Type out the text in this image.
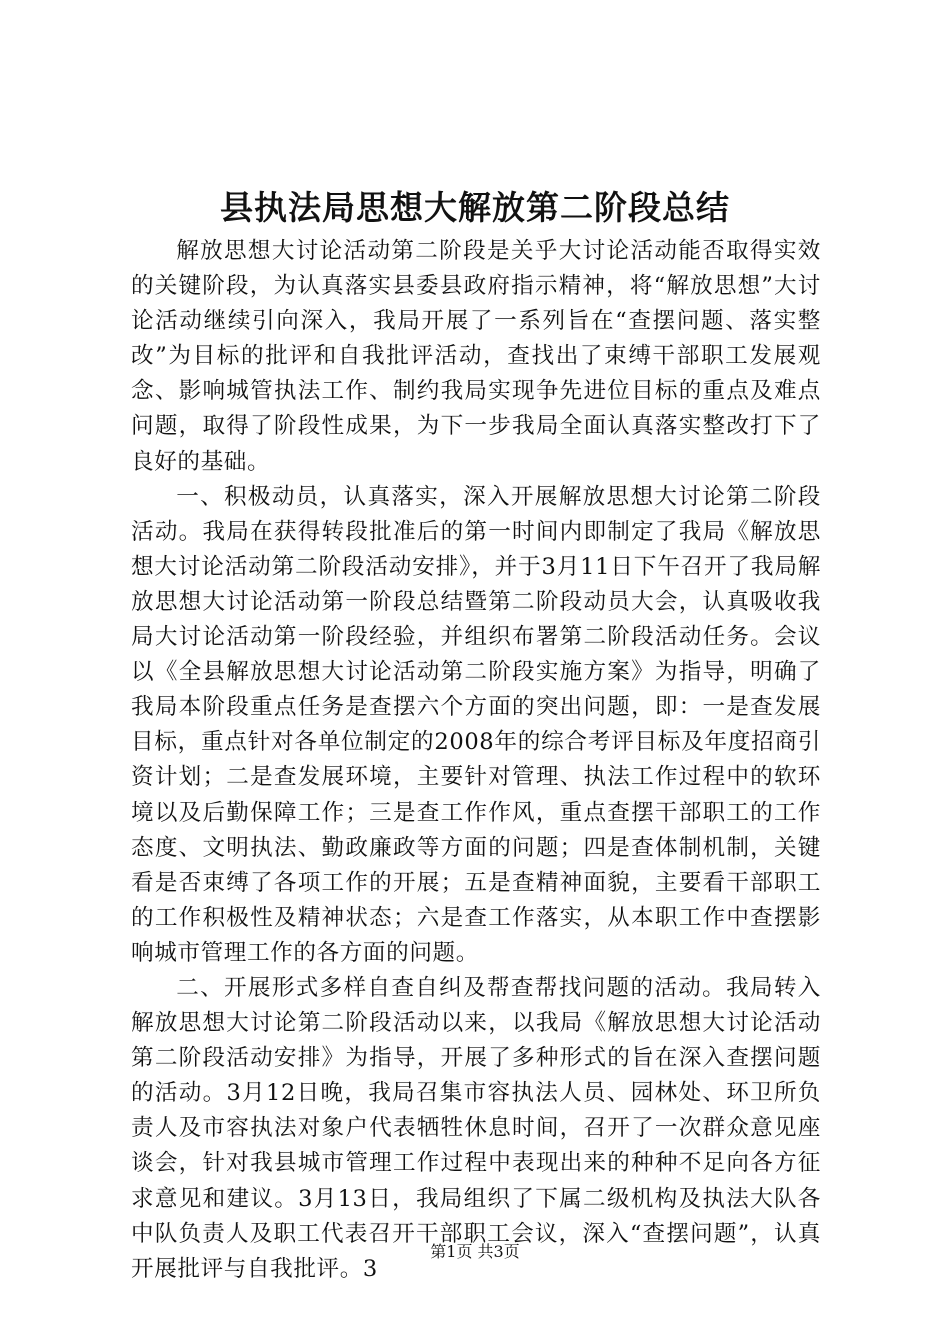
县执法局思想大解放第二阶段总结

解放思想大讨论活动第二阶段是关乎大讨论活动能否取得实效的关键阶段，为认真落实县委县政府指示精神，将“解放思想”大讨论活动继续引向深入，我局开展了一系列旨在“查摆问题、落实整改”为目标的批评和自我批评活动，查找出了束缚干部职工发展观念、影响城管执法工作、制约我局实现争先进位目标的重点及难点问题，取得了阶段性成果，为下一步我局全面认真落实整改打下了良好的基础。

一、积极动员，认真落实，深入开展解放思想大讨论第二阶段活动。我局在获得转段批准后的第一时间内即制定了我局《解放思想大讨论活动第二阶段活动安排》，并于3月11日下午召开了我局解放思想大讨论活动第一阶段总结暨第二阶段动员大会，认真吸收我局大讨论活动第一阶段经验，并组织布署第二阶段活动任务。会议以《全县解放思想大讨论活动第二阶段实施方案》为指导，明确了我局本阶段重点任务是查摆六个方面的突出问题，即：一是查发展目标，重点针对各单位制定的2008年的综合考评目标及年度招商引资计划；二是查发展环境，主要针对管理、执法工作过程中的软环境以及后勤保障工作；三是查工作作风，重点查摆干部职工的工作态度、文明执法、勤政廉政等方面的问题；四是查体制机制，关键看是否束缚了各项工作的开展；五是查精神面貌，主要看干部职工的工作积极性及精神状态；六是查工作落实，从本职工作中查摆影响城市管理工作的各方面的问题。

二、开展形式多样自查自纠及帮查帮找问题的活动。我局转入解放思想大讨论第二阶段活动以来，以我局《解放思想大讨论活动第二阶段活动安排》为指导，开展了多种形式的旨在深入查摆问题的活动。3月12日晚，我局召集市容执法人员、园林处、环卫所负责人及市容执法对象户代表牺牲休息时间，召开了一次群众意见座谈会，针对我县城市管理工作过程中表现出来的种种不足向各方征求意见和建议。3月13日，我局组织了下属二级机构及执法大队各中队负责人及职工代表召开干部职工会议，深入“查摆问题”，认真开展批评与自我批评。3

第1页 共3页
